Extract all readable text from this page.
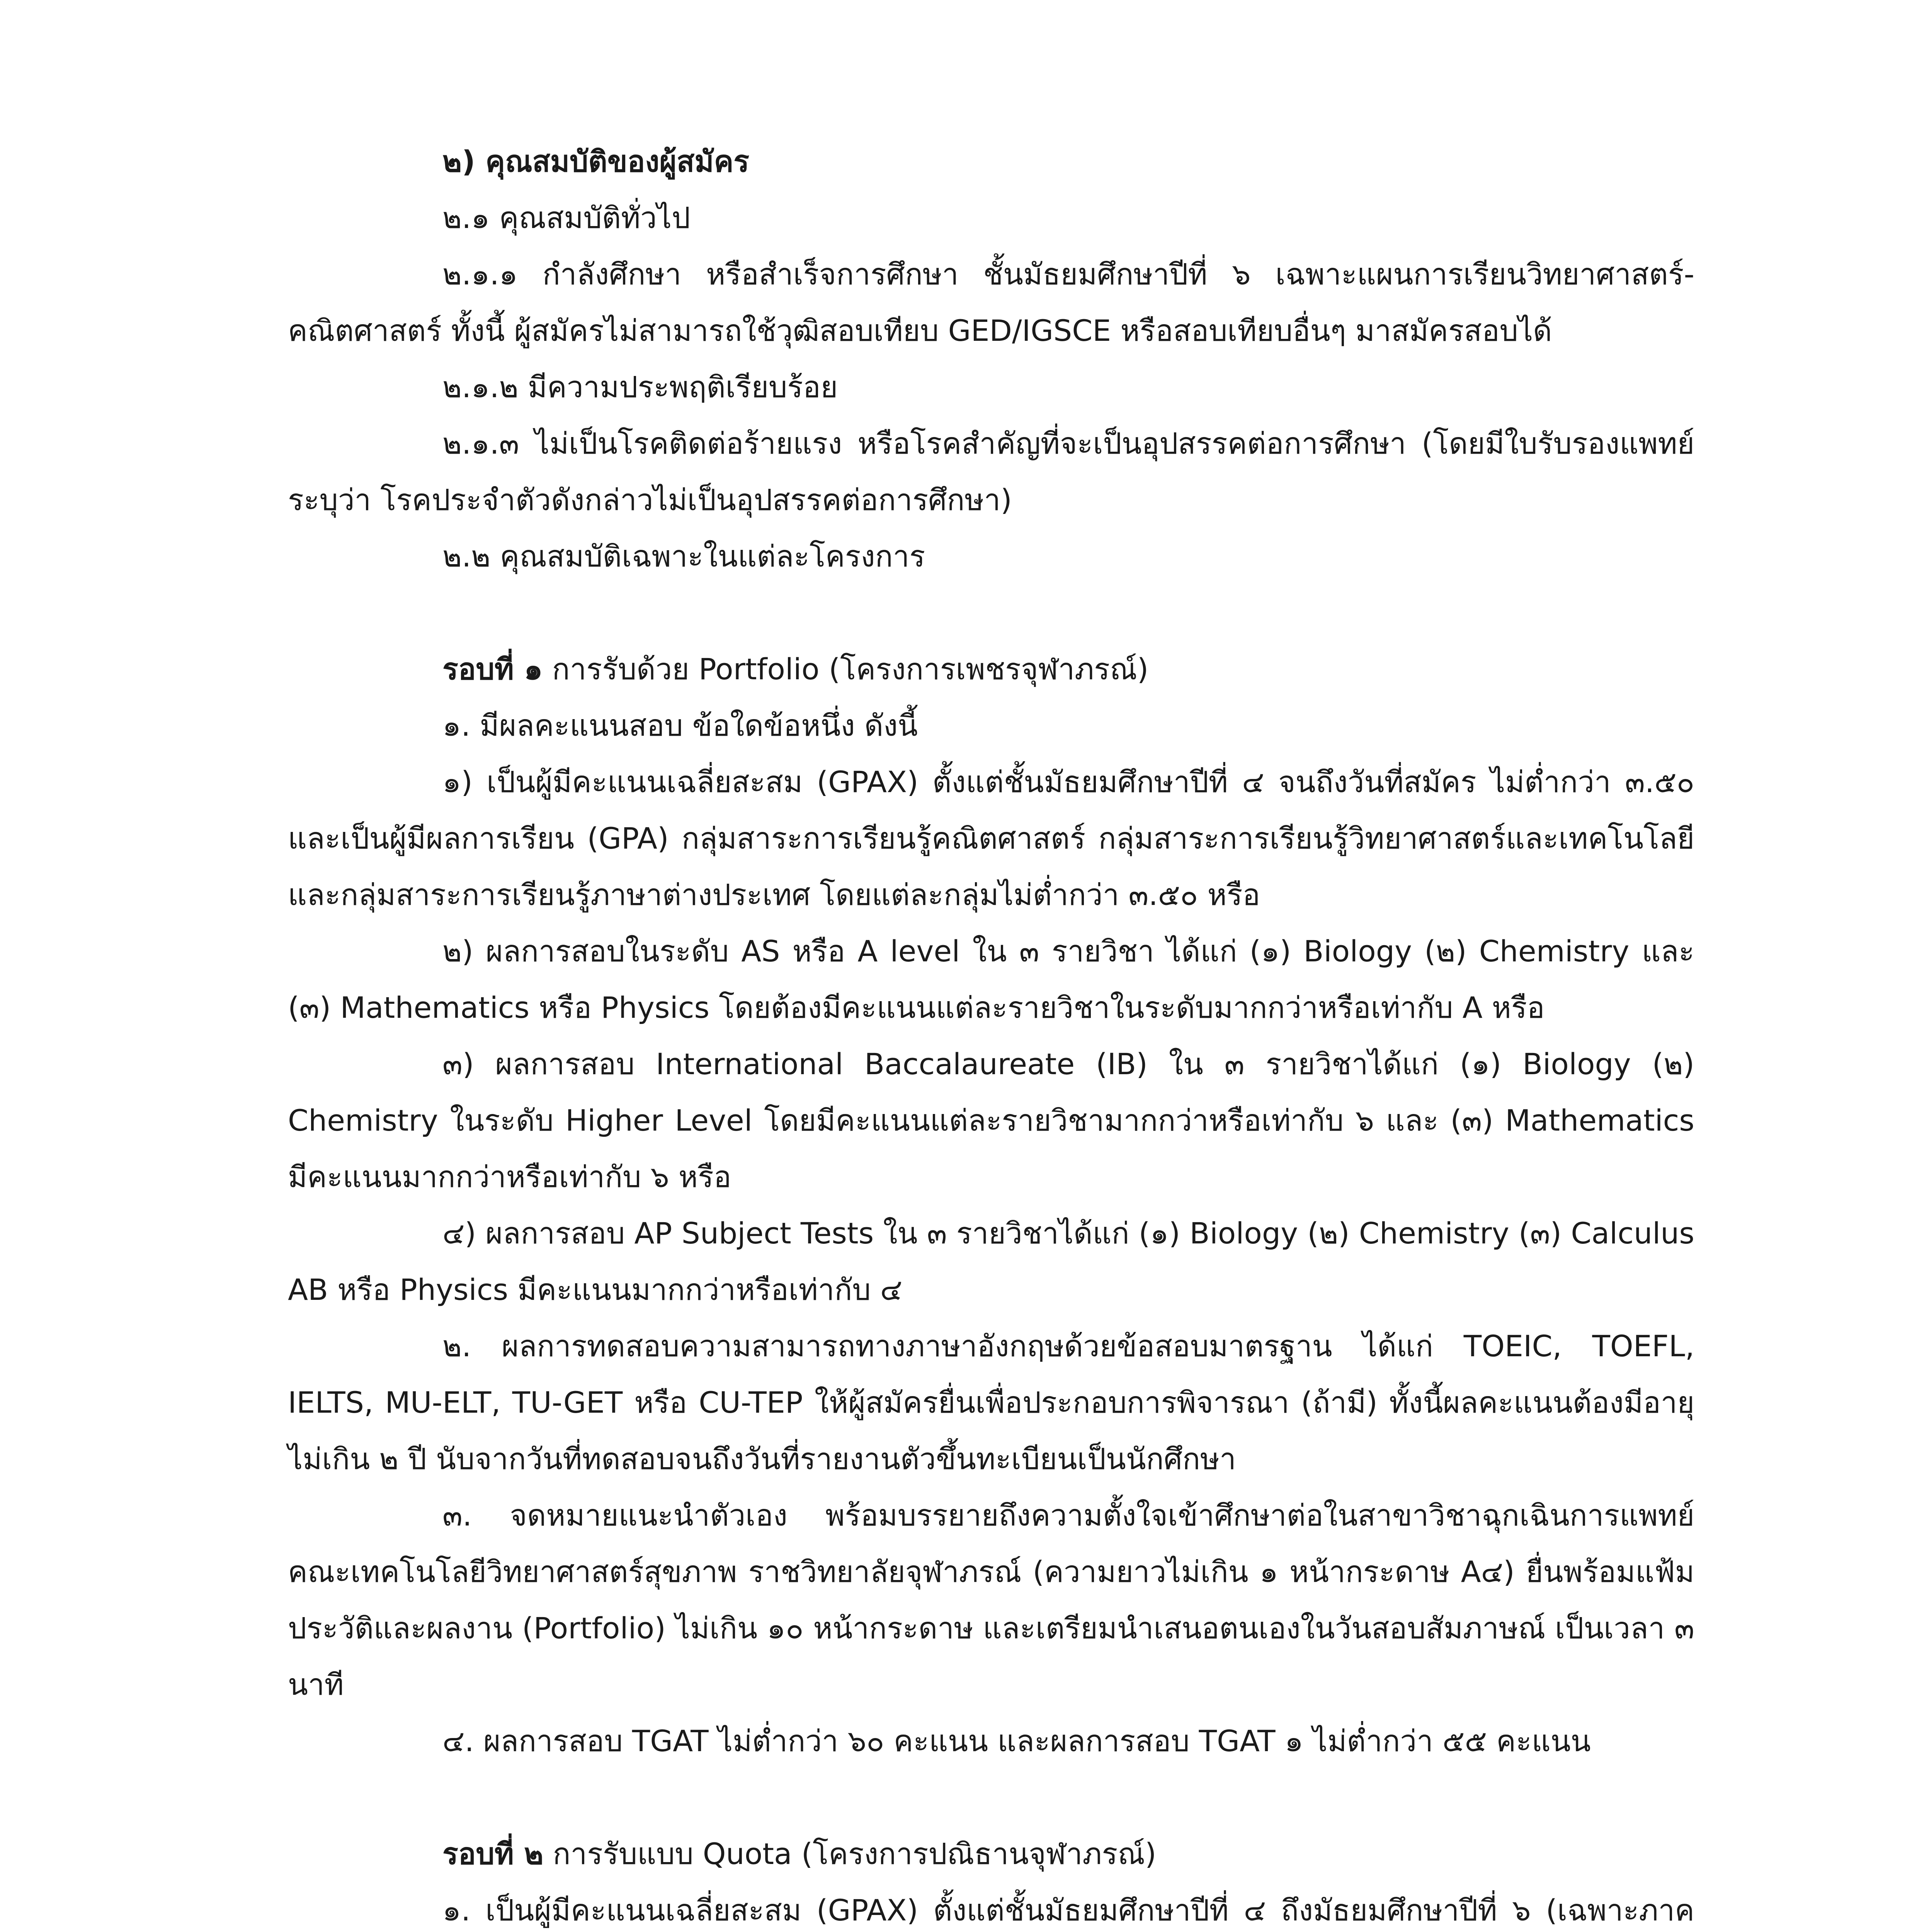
๒) คุณสมบัติของผู้สมัคร

๒.๑ คุณสมบัติทั่วไป

๒.๑.๑ กำลังศึกษา หรือสำเร็จการศึกษา ชั้นมัธยมศึกษาปีที่ ๖ เฉพาะแผนการเรียนวิทยาศาสตร์-คณิตศาสตร์ ทั้งนี้ ผู้สมัครไม่สามารถใช้วุฒิสอบเทียบ GED/IGSCE หรือสอบเทียบอื่นๆ มาสมัครสอบได้

๒.๑.๒ มีความประพฤติเรียบร้อย

๒.๑.๓ ไม่เป็นโรคติดต่อร้ายแรง หรือโรคสำคัญที่จะเป็นอุปสรรคต่อการศึกษา (โดยมีใบรับรองแพทย์ระบุว่า โรคประจำตัวดังกล่าวไม่เป็นอุปสรรคต่อการศึกษา)

๒.๒ คุณสมบัติเฉพาะในแต่ละโครงการ

รอบที่ ๑ การรับด้วย Portfolio (โครงการเพชรจุฬาภรณ์)

๑. มีผลคะแนนสอบ ข้อใดข้อหนึ่ง ดังนี้

๑) เป็นผู้มีคะแนนเฉลี่ยสะสม (GPAX) ตั้งแต่ชั้นมัธยมศึกษาปีที่ ๔ จนถึงวันที่สมัคร ไม่ต่ำกว่า ๓.๕๐ และเป็นผู้มีผลการเรียน (GPA) กลุ่มสาระการเรียนรู้คณิตศาสตร์ กลุ่มสาระการเรียนรู้วิทยาศาสตร์และเทคโนโลยี และกลุ่มสาระการเรียนรู้ภาษาต่างประเทศ โดยแต่ละกลุ่มไม่ต่ำกว่า ๓.๕๐ หรือ

๒) ผลการสอบในระดับ AS หรือ A level ใน ๓ รายวิชา ได้แก่ (๑) Biology (๒) Chemistry และ (๓) Mathematics หรือ Physics โดยต้องมีคะแนนแต่ละรายวิชาในระดับมากกว่าหรือเท่ากับ A หรือ

๓) ผลการสอบ International Baccalaureate (IB) ใน ๓ รายวิชาได้แก่ (๑) Biology (๒) Chemistry ในระดับ Higher Level โดยมีคะแนนแต่ละรายวิชามากกว่าหรือเท่ากับ ๖ และ (๓) Mathematics มีคะแนนมากกว่าหรือเท่ากับ ๖ หรือ

๔) ผลการสอบ AP Subject Tests ใน ๓ รายวิชาได้แก่ (๑) Biology (๒) Chemistry (๓) Calculus AB หรือ Physics มีคะแนนมากกว่าหรือเท่ากับ ๔

๒. ผลการทดสอบความสามารถทางภาษาอังกฤษด้วยข้อสอบมาตรฐาน ได้แก่ TOEIC, TOEFL, IELTS, MU-ELT, TU-GET หรือ CU-TEP ให้ผู้สมัครยื่นเพื่อประกอบการพิจารณา (ถ้ามี) ทั้งนี้ผลคะแนนต้องมีอายุไม่เกิน ๒ ปี นับจากวันที่ทดสอบจนถึงวันที่รายงานตัวขึ้นทะเบียนเป็นนักศึกษา

๓. จดหมายแนะนำตัวเอง พร้อมบรรยายถึงความตั้งใจเข้าศึกษาต่อในสาขาวิชาฉุกเฉินการแพทย์ คณะเทคโนโลยีวิทยาศาสตร์สุขภาพ ราชวิทยาลัยจุฬาภรณ์ (ความยาวไม่เกิน ๑ หน้ากระดาษ A๔) ยื่นพร้อมแฟ้มประวัติและผลงาน (Portfolio) ไม่เกิน ๑๐ หน้ากระดาษ และเตรียมนำเสนอตนเองในวันสอบสัมภาษณ์ เป็นเวลา ๓ นาที

๔. ผลการสอบ TGAT ไม่ต่ำกว่า ๖๐ คะแนน และผลการสอบ TGAT ๑ ไม่ต่ำกว่า ๕๕ คะแนน

รอบที่ ๒ การรับแบบ Quota (โครงการปณิธานจุฬาภรณ์)

๑. เป็นผู้มีคะแนนเฉลี่ยสะสม (GPAX) ตั้งแต่ชั้นมัธยมศึกษาปีที่ ๔ ถึงมัธยมศึกษาปีที่ ๖ (เฉพาะภาค
